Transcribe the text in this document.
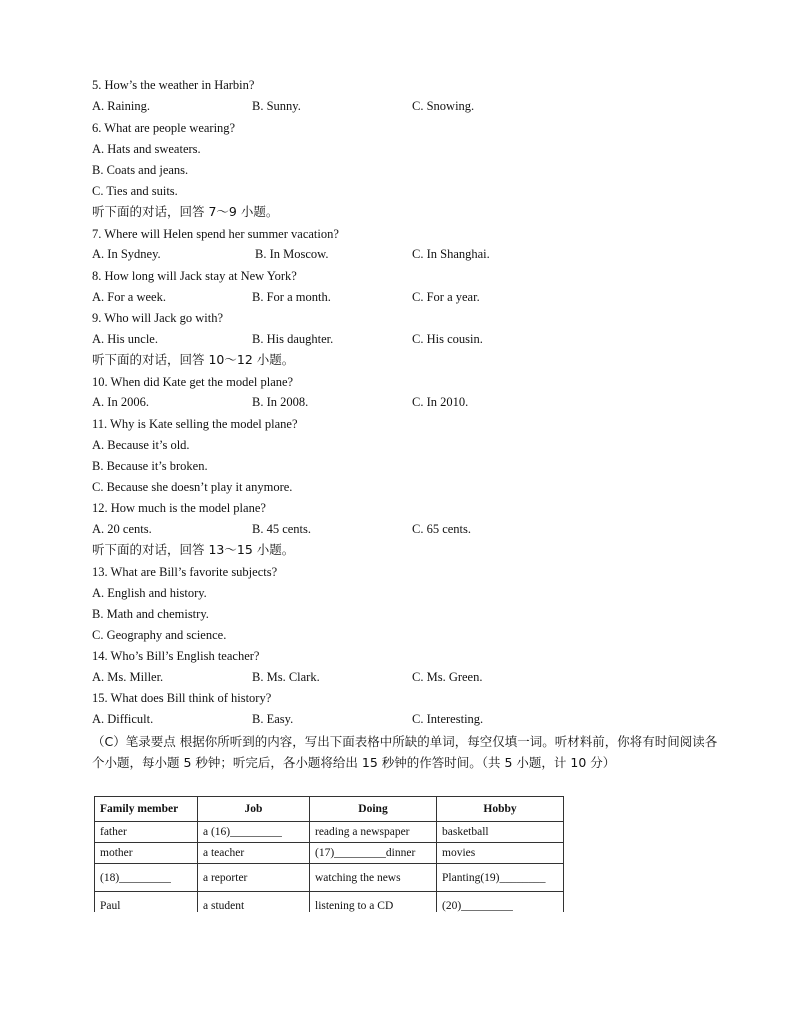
5. How’s the weather in Harbin?
A. Raining.	B. Sunny.	C. Snowing.
6. What are people wearing?
A. Hats and sweaters.
B. Coats and jeans.
C. Ties and suits.
听下面的对话，回答 7～9 小题。
7. Where will Helen spend her summer vacation?
A. In Sydney.	B. In Moscow.	C. In Shanghai.
8. How long will Jack stay at New York?
A. For a week.	B. For a month.	C. For a year.
9. Who will Jack go with?
A. His uncle.	B. His daughter.	C. His cousin.
听下面的对话，回答 10～12 小题。
10. When did Kate get the model plane?
A. In 2006.	B. In 2008.	C. In 2010.
11. Why is Kate selling the model plane?
A. Because it’s old.
B. Because it’s broken.
C. Because she doesn’t play it anymore.
12. How much is the model plane?
A. 20 cents.	B. 45 cents.	C. 65 cents.
听下面的对话，回答 13～15 小题。
13. What are Bill’s favorite subjects?
A. English and history.
B. Math and chemistry.
C. Geography and science.
14. Who’s Bill’s English teacher?
A. Ms. Miller.	B. Ms. Clark.	C. Ms. Green.
15. What does Bill think of history?
A. Difficult.	B. Easy.	C. Interesting.
（C）笔录要点 根据你所听到的内容，写出下面表格中所缺的单词，每空仅填一词。听材料前，你将有时间阅读各个小题，每小题 5 秒钟；听完后，各小题将给出 15 秒钟的作答时间。（共 5 小题，计 10 分）
Family member	Job	Doing	Hobby
father	a (16)_________	reading a newspaper	basketball
mother	a teacher	(17)_________dinner	movies
(18)_________	a reporter	watching the news	Planting(19)________
Paul	a student	listening to a CD	(20)_________
